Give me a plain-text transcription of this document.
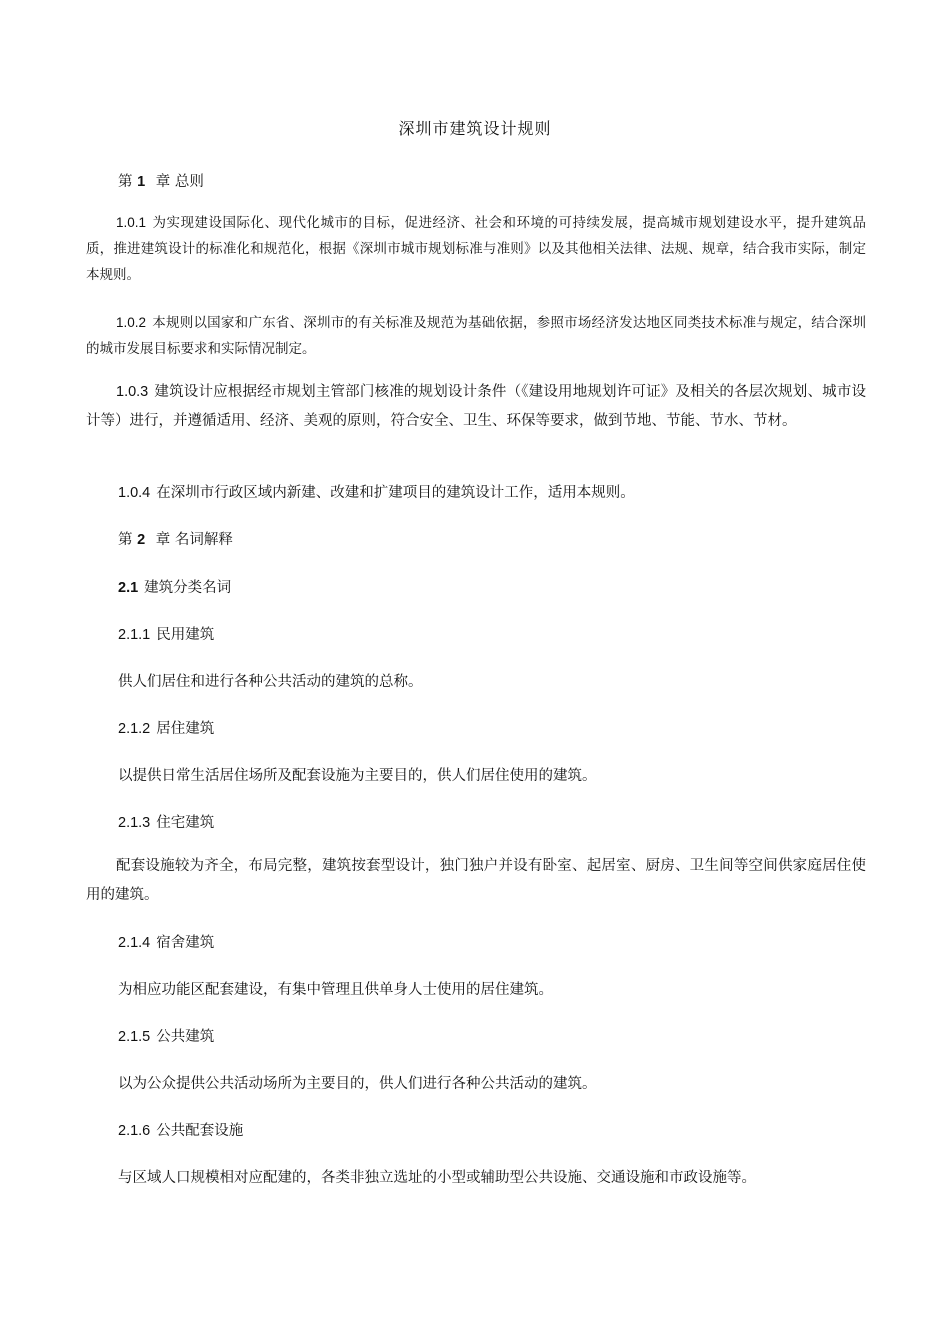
深圳市建筑设计规则
第 1 章 总则
1.0.1 为实现建设国际化、现代化城市的目标，促进经济、社会和环境的可持续发展，提高城市规划建设水平，提升建筑品质，推进建筑设计的标准化和规范化，根据《深圳市城市规划标准与准则》以及其他相关法律、法规、规章，结合我市实际，制定本规则。
1.0.2 本规则以国家和广东省、深圳市的有关标准及规范为基础依据，参照市场经济发达地区同类技术标准与规定，结合深圳的城市发展目标要求和实际情况制定。
1.0.3 建筑设计应根据经市规划主管部门核准的规划设计条件（《建设用地规划许可证》及相关的各层次规划、城市设计等）进行，并遵循适用、经济、美观的原则，符合安全、卫生、环保等要求，做到节地、节能、节水、节材。
1.0.4 在深圳市行政区域内新建、改建和扩建项目的建筑设计工作，适用本规则。
第 2 章 名词解释
2.1 建筑分类名词
2.1.1 民用建筑
供人们居住和进行各种公共活动的建筑的总称。
2.1.2 居住建筑
以提供日常生活居住场所及配套设施为主要目的，供人们居住使用的建筑。
2.1.3 住宅建筑
配套设施较为齐全，布局完整，建筑按套型设计，独门独户并设有卧室、起居室、厨房、卫生间等空间供家庭居住使用的建筑。
2.1.4 宿舍建筑
为相应功能区配套建设，有集中管理且供单身人士使用的居住建筑。
2.1.5 公共建筑
以为公众提供公共活动场所为主要目的，供人们进行各种公共活动的建筑。
2.1.6 公共配套设施
与区域人口规模相对应配建的，各类非独立选址的小型或辅助型公共设施、交通设施和市政设施等。
